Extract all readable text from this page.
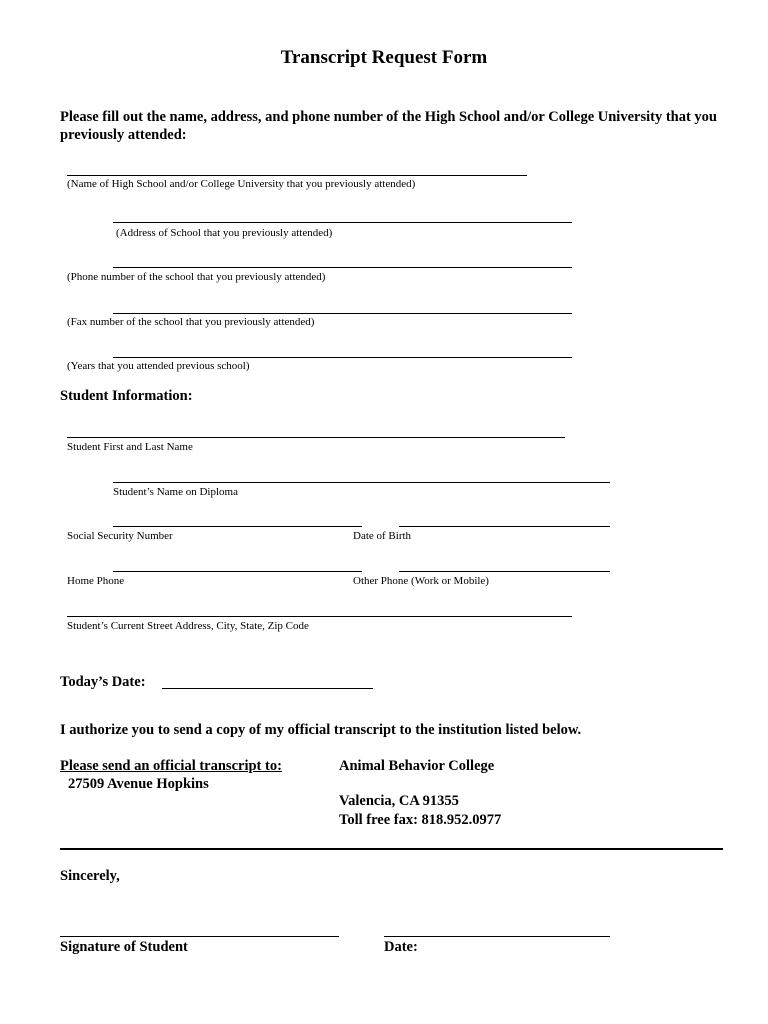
Transcript Request Form
Please fill out the name, address, and phone number of the High School and/or College University that you previously attended:
(Name of High School and/or College University that you previously attended)
(Address of School that you previously attended)
(Phone number of the school that you previously attended)
(Fax number of the school that you previously attended)
(Years that you attended previous school)
Student Information:
Student First and Last Name
Student’s Name on Diploma
Social Security Number	Date of Birth
Home Phone	Other Phone (Work or Mobile)
Student’s Current Street Address, City, State, Zip Code
Today’s Date:
I authorize you to send a copy of my official transcript to the institution listed below.
Please send an official transcript to:
27509 Avenue Hopkins
Animal Behavior College
Valencia, CA 91355
Toll free fax: 818.952.0977
Sincerely,
Signature of Student	Date:
